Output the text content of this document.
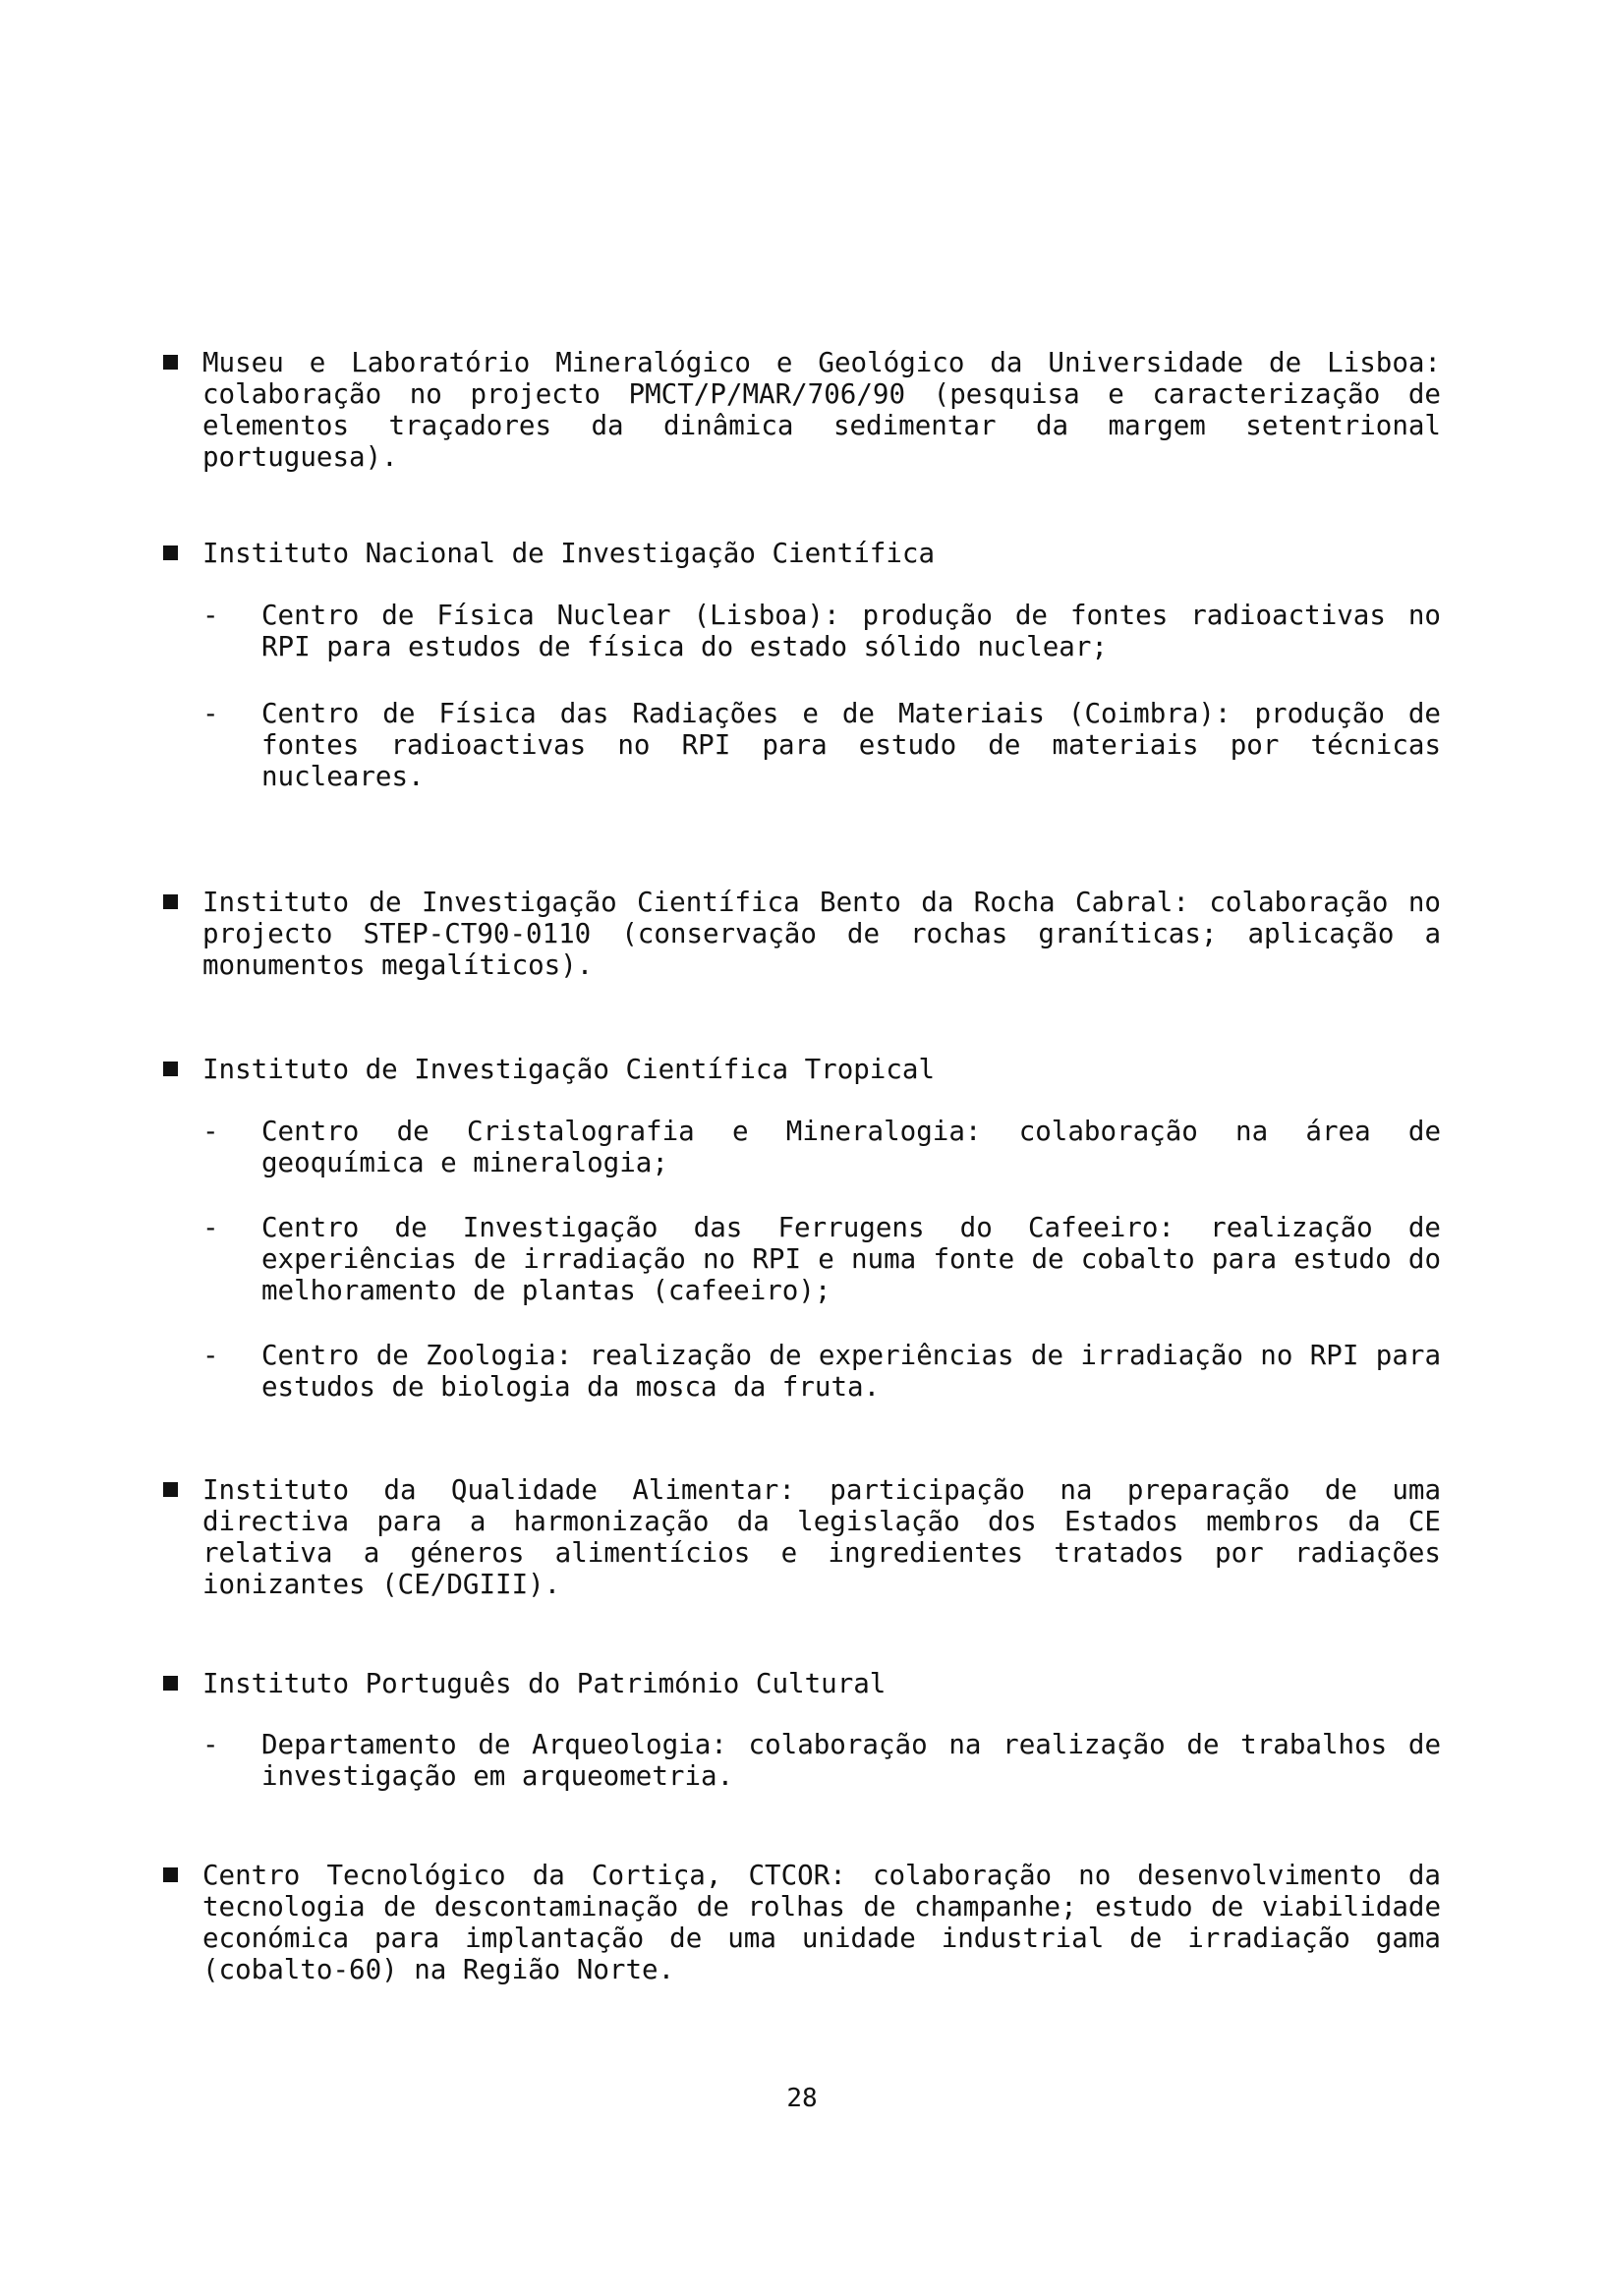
Museu e Laboratório Mineralógico e Geológico da Universidade de Lisboa: colaboração no projecto PMCT/P/MAR/706/90 (pesquisa e caracterização de elementos traçadores da dinâmica sedimentar da margem setentrional portuguesa).
Instituto Nacional de Investigação Científica
- Centro de Física Nuclear (Lisboa): produção de fontes radioactivas no RPI para estudos de física do estado sólido nuclear;
- Centro de Física das Radiações e de Materiais (Coimbra): produção de fontes radioactivas no RPI para estudo de materiais por técnicas nucleares.
Instituto de Investigação Científica Bento da Rocha Cabral: colaboração no projecto STEP-CT90-0110 (conservação de rochas graníticas; aplicação a monumentos megalíticos).
Instituto de Investigação Científica Tropical
- Centro de Cristalografia e Mineralogia: colaboração na área de geoquímica e mineralogia;
- Centro de Investigação das Ferrugens do Cafeeiro: realização de experiências de irradiação no RPI e numa fonte de cobalto para estudo do melhoramento de plantas (cafeeiro);
- Centro de Zoologia: realização de experiências de irradiação no RPI para estudos de biologia da mosca da fruta.
Instituto da Qualidade Alimentar: participação na preparação de uma directiva para a harmonização da legislação dos Estados membros da CE relativa a géneros alimentícios e ingredientes tratados por radiações ionizantes (CE/DGIII).
Instituto Português do Património Cultural
- Departamento de Arqueologia: colaboração na realização de trabalhos de investigação em arqueometria.
Centro Tecnológico da Cortiça, CTCOR: colaboração no desenvolvimento da tecnologia de descontaminação de rolhas de champanhe; estudo de viabilidade económica para implantação de uma unidade industrial de irradiação gama (cobalto-60) na Região Norte.
28
